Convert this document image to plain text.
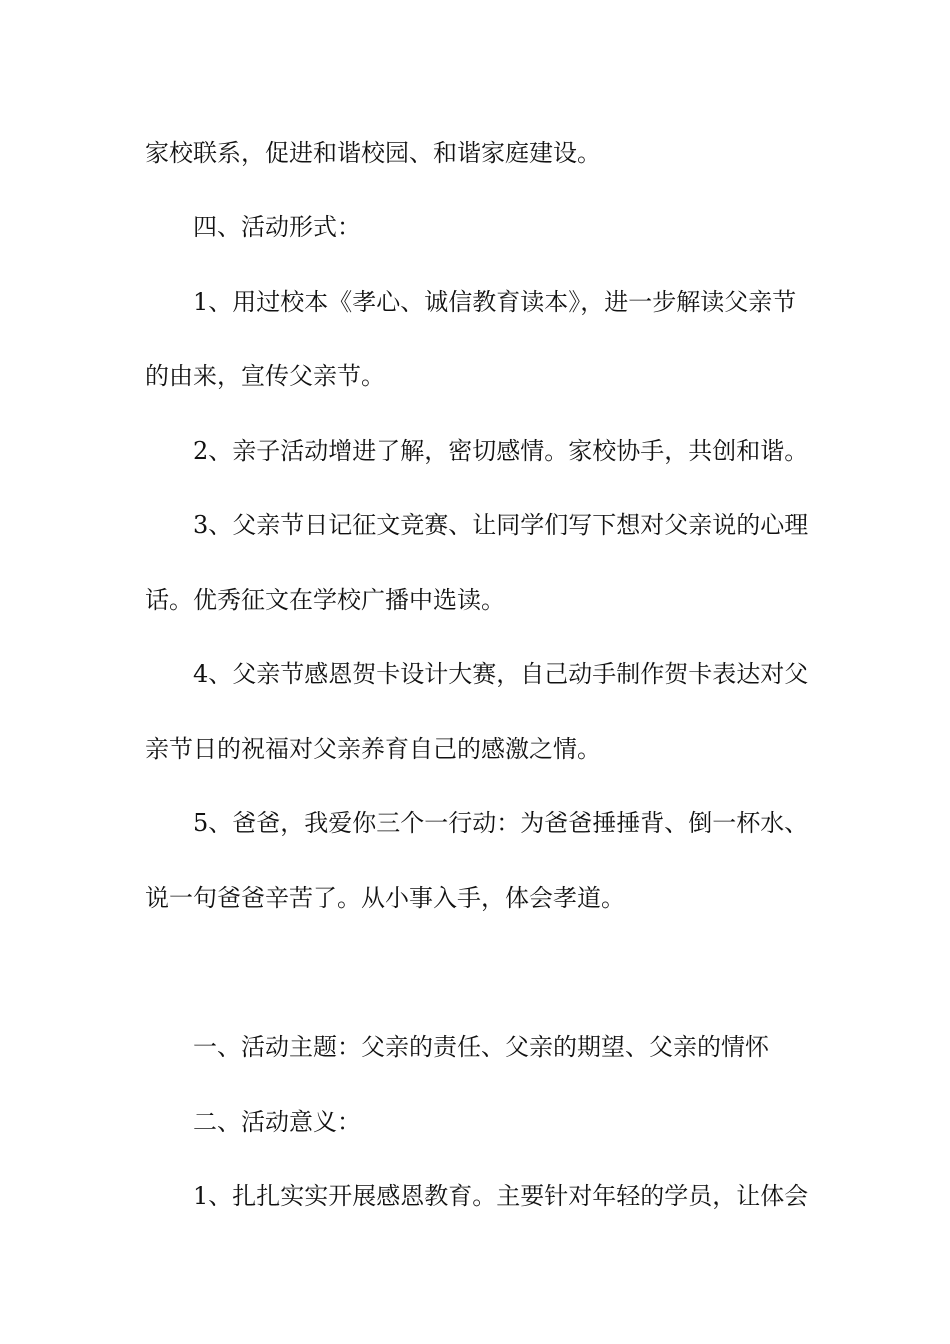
家校联系，促进和谐校园、和谐家庭建设。
四、活动形式：
1、用过校本《孝心、诚信教育读本》，进一步解读父亲节
的由来，宣传父亲节。
2、亲子活动增进了解，密切感情。家校协手，共创和谐。
3、父亲节日记征文竞赛、让同学们写下想对父亲说的心理
话。优秀征文在学校广播中选读。
4、父亲节感恩贺卡设计大赛，自己动手制作贺卡表达对父
亲节日的祝福对父亲养育自己的感激之情。
5、爸爸，我爱你三个一行动：为爸爸捶捶背、倒一杯水、
说一句爸爸辛苦了。从小事入手，体会孝道。
一、活动主题：父亲的责任、父亲的期望、父亲的情怀
二、活动意义：
1、扎扎实实开展感恩教育。主要针对年轻的学员，让体会
